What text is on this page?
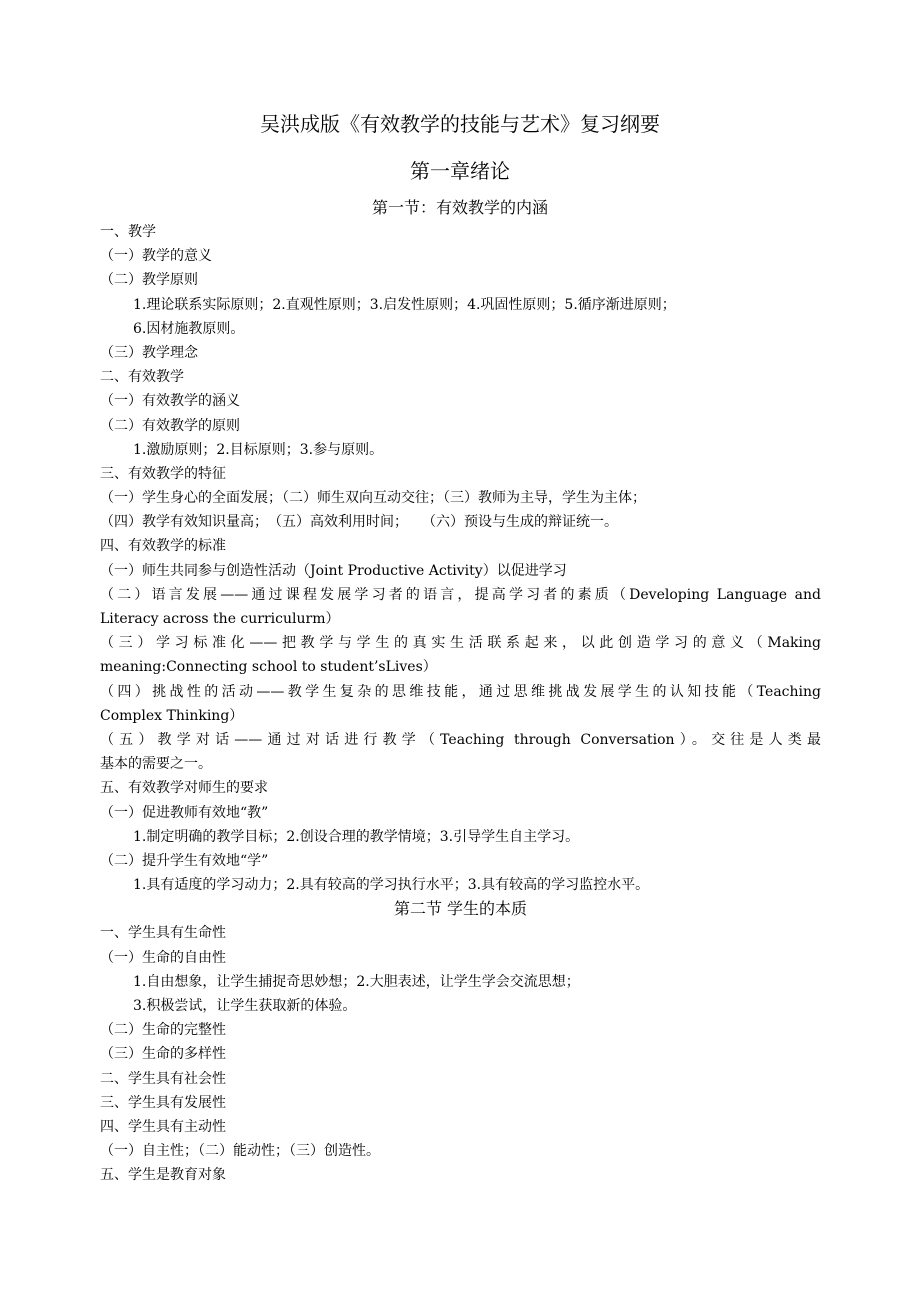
吴洪成版《有效教学的技能与艺术》复习纲要
第一章绪论
第一节：有效教学的内涵
一、教学
（一）教学的意义
（二）教学原则
1.理论联系实际原则；2.直观性原则；3.启发性原则；4.巩固性原则；5.循序渐进原则；
6.因材施教原则。
（三）教学理念
二、有效教学
（一）有效教学的涵义
（二）有效教学的原则
1.激励原则；2.目标原则；3.参与原则。
三、有效教学的特征
（一）学生身心的全面发展；（二）师生双向互动交往；（三）教师为主导，学生为主体；
（四）教学有效知识量高；　（五）高效利用时间；　　（六）预设与生成的辩证统一。
四、有效教学的标准
（一）师生共同参与创造性活动（Joint Productive Activity）以促进学习
（二）语言发展——通过课程发展学习者的语言，提高学习者的素质（Developing Language and
Literacy across the curriculurm）
（三）学习标准化——把教学与学生的真实生活联系起来，以此创造学习的意义（Making
meaning:Connecting school to student’sLives）
（四）挑战性的活动——教学生复杂的思维技能，通过思维挑战发展学生的认知技能（Teaching
Complex Thinking）
（五）教学对话——通过对话进行教学（Teaching through Conversation）。交往是人类最
基本的需要之一。
五、有效教学对师生的要求
（一）促进教师有效地“教”
1.制定明确的教学目标；2.创设合理的教学情境；3.引导学生自主学习。
（二）提升学生有效地“学”
1.具有适度的学习动力；2.具有较高的学习执行水平；3.具有较高的学习监控水平。
第二节 学生的本质
一、学生具有生命性
（一）生命的自由性
1.自由想象，让学生捕捉奇思妙想；2.大胆表述，让学生学会交流思想；
3.积极尝试，让学生获取新的体验。
（二）生命的完整性
（三）生命的多样性
二、学生具有社会性
三、学生具有发展性
四、学生具有主动性
（一）自主性；（二）能动性；（三）创造性。
五、学生是教育对象
